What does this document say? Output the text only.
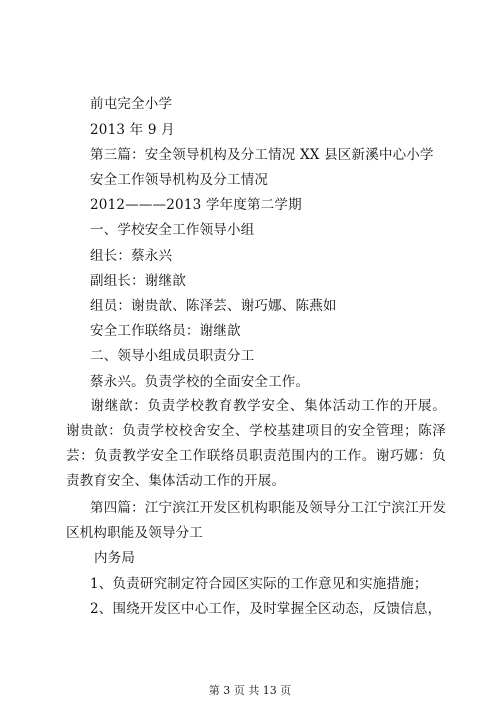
前屯完全小学
2013 年 9 月
第三篇：安全领导机构及分工情况 XX 县区新溪中心小学
安全工作领导机构及分工情况
2012———2013 学年度第二学期
一、学校安全工作领导小组
组长：蔡永兴
副组长：谢继歆
组员：谢贵歆、陈泽芸、谢巧娜、陈燕如
安全工作联络员：谢继歆
二、领导小组成员职责分工
蔡永兴。负责学校的全面安全工作。
谢继歆：负责学校教育教学安全、集体活动工作的开展。谢贵歆：负责学校校舍安全、学校基建项目的安全管理；陈泽芸：负责教学安全工作联络员职责范围内的工作。谢巧娜：负责教育安全、集体活动工作的开展。
第四篇：江宁滨江开发区机构职能及领导分工江宁滨江开发
区机构职能及领导分工
内务局
1、负责研究制定符合园区实际的工作意见和实施措施；
2、围绕开发区中心工作，及时掌握全区动态，反馈信息，
第 3 页 共 13 页
